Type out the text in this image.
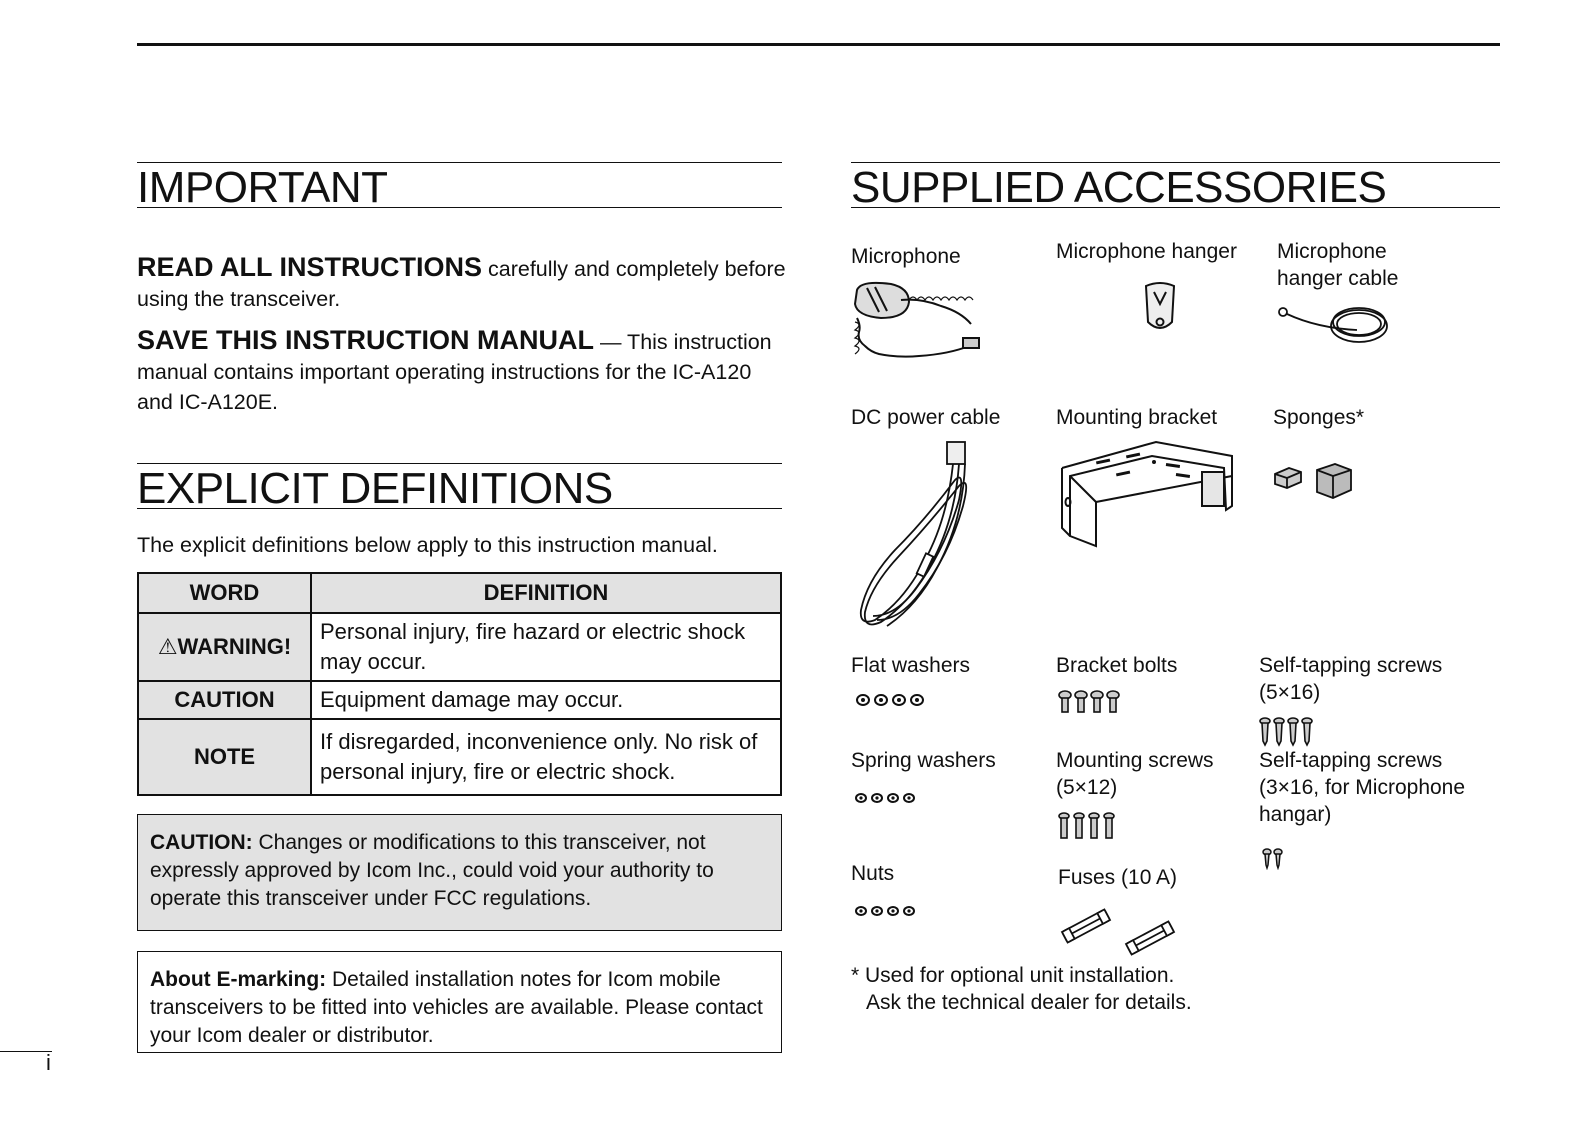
IMPORTANT
READ ALL INSTRUCTIONS carefully and completely before using the transceiver.
SAVE THIS INSTRUCTION MANUAL — This instruction manual contains important operating instructions for the IC-A120 and IC-A120E.
EXPLICIT DEFINITIONS
The explicit definitions below apply to this instruction manual.
WORD	DEFINITION
⚠WARNING!	Personal injury, fire hazard or electric shock may occur.
CAUTION	Equipment damage may occur.
NOTE	If disregarded, inconvenience only. No risk of personal injury, fire or electric shock.
CAUTION: Changes or modifications to this transceiver, not expressly approved by Icom Inc., could void your authority to operate this transceiver under FCC regulations.
About E-marking: Detailed installation notes for Icom mobile transceivers to be fitted into vehicles are available. Please contact your Icom dealer or distributor.
SUPPLIED ACCESSORIES
Microphone	Microphone hanger Microphone
hanger cable
DC power cable	Mounting bracket	Sponges*
Flat washers	Bracket bolts	Self-tapping screws
(5×16)
Spring washers	Mounting screws
(5×12)
Self-tapping screws
(3×16, for Microphone
hangar)
Nuts	Fuses (10 A)
* Used for optional unit installation.
Ask the technical dealer for details.
i
